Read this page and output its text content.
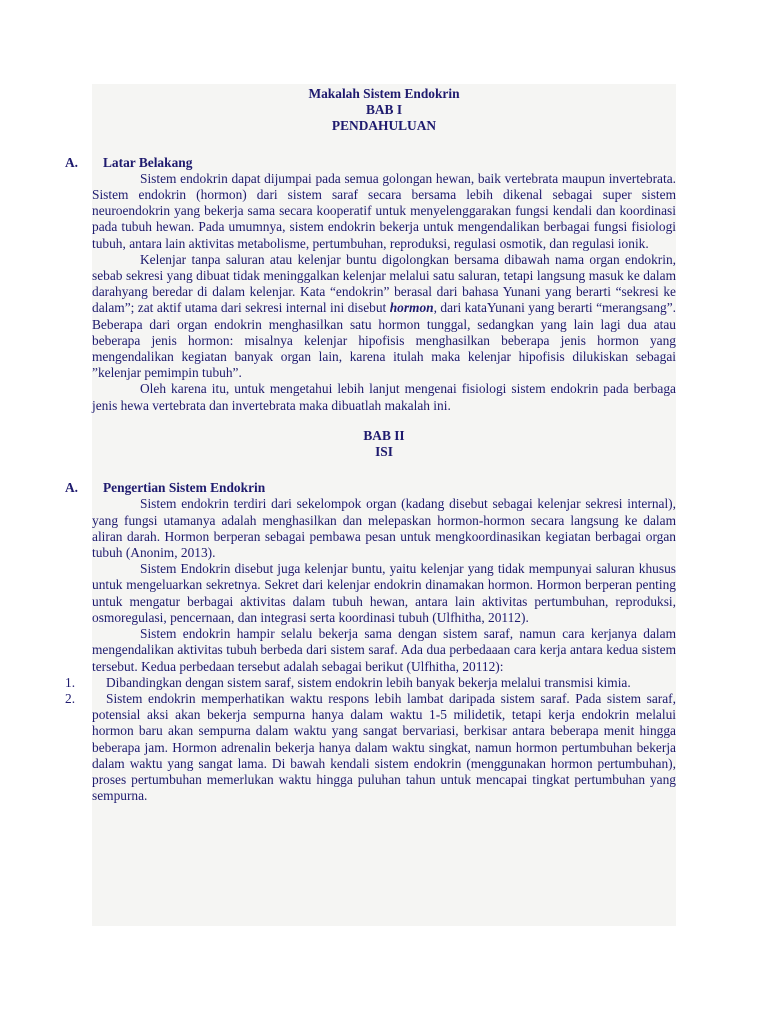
Makalah Sistem Endokrin
BAB I
PENDAHULUAN
A. Latar Belakang

Sistem endokrin dapat dijumpai pada semua golongan hewan, baik vertebrata maupun invertebrata. Sistem endokrin (hormon) dari sistem saraf secara bersama lebih dikenal sebagai super sistem neuroendokrin yang bekerja sama secara kooperatif untuk menyelenggarakan fungsi kendali dan koordinasi pada tubuh hewan. Pada umumnya, sistem endokrin bekerja untuk mengendalikan berbagai fungsi fisiologi tubuh, antara lain aktivitas metabolisme, pertumbuhan, reproduksi, regulasi osmotik, dan regulasi ionik.

Kelenjar tanpa saluran atau kelenjar buntu digolongkan bersama dibawah nama organ endokrin, sebab sekresi yang dibuat tidak meninggalkan kelenjar melalui satu saluran, tetapi langsung masuk ke dalam darahyang beredar di dalam kelenjar. Kata “endokrin” berasal dari bahasa Yunani yang berarti “sekresi ke dalam”; zat aktif utama dari sekresi internal ini disebut hormon, dari kataYunani yang berarti “merangsang”. Beberapa dari organ endokrin menghasilkan satu hormon tunggal, sedangkan yang lain lagi dua atau beberapa jenis hormon: misalnya kelenjar hipofisis menghasilkan beberapa jenis hormon yang mengendalikan kegiatan banyak organ lain, karena itulah maka kelenjar hipofisis dilukiskan sebagai ”kelenjar pemimpin tubuh”.

Oleh karena itu, untuk mengetahui lebih lanjut mengenai fisiologi sistem endokrin pada berbaga jenis hewa vertebrata dan invertebrata maka dibuatlah makalah ini.

BAB II
ISI
A. Pengertian Sistem Endokrin

Sistem endokrin terdiri dari sekelompok organ (kadang disebut sebagai kelenjar sekresi internal), yang fungsi utamanya adalah menghasilkan dan melepaskan hormon-hormon secara langsung ke dalam aliran darah. Hormon berperan sebagai pembawa pesan untuk mengkoordinasikan kegiatan berbagai organ tubuh (Anonim, 2013).

Sistem Endokrin disebut juga kelenjar buntu, yaitu kelenjar yang tidak mempunyai saluran khusus untuk mengeluarkan sekretnya. Sekret dari kelenjar endokrin dinamakan hormon. Hormon berperan penting untuk mengatur berbagai aktivitas dalam tubuh hewan, antara lain aktivitas pertumbuhan, reproduksi, osmoregulasi, pencernaan, dan integrasi serta koordinasi tubuh (Ulfhitha, 20112).

Sistem endokrin hampir selalu bekerja sama dengan sistem saraf, namun cara kerjanya dalam mengendalikan aktivitas tubuh berbeda dari sistem saraf. Ada dua perbedaaan cara kerja antara kedua sistem tersebut. Kedua perbedaan tersebut adalah sebagai berikut (Ulfhitha, 20112):

1.	Dibandingkan dengan sistem saraf, sistem endokrin lebih banyak bekerja melalui transmisi kimia.

2.	Sistem endokrin memperhatikan waktu respons lebih lambat daripada sistem saraf. Pada sistem saraf, potensial aksi akan bekerja sempurna hanya dalam waktu 1-5 milidetik, tetapi kerja endokrin melalui hormon baru akan sempurna dalam waktu yang sangat bervariasi, berkisar antara beberapa menit hingga beberapa jam. Hormon adrenalin bekerja hanya dalam waktu singkat, namun hormon pertumbuhan bekerja dalam waktu yang sangat lama. Di bawah kendali sistem endokrin (menggunakan hormon pertumbuhan), proses pertumbuhan memerlukan waktu hingga puluhan tahun untuk mencapai tingkat pertumbuhan yang sempurna.
